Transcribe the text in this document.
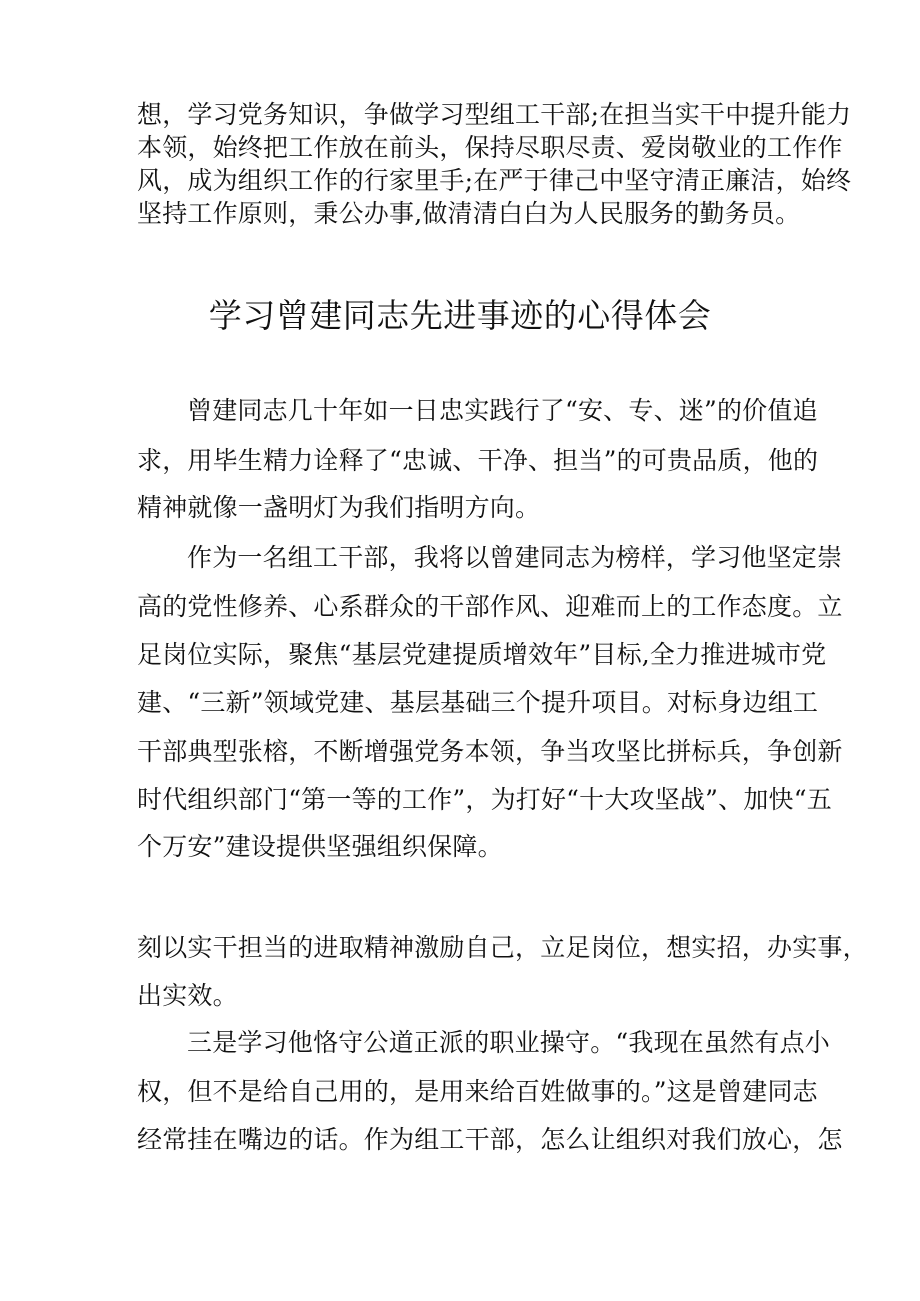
想，学习党务知识，争做学习型组工干部;在担当实干中提升能力
本领，始终把工作放在前头，保持尽职尽责、爱岗敬业的工作作
风，成为组织工作的行家里手;在严于律己中坚守清正廉洁，始终
坚持工作原则，秉公办事,做清清白白为人民服务的勤务员。
学习曾建同志先进事迹的心得体会
曾建同志几十年如一日忠实践行了“安、专、迷”的价值追
求，用毕生精力诠释了“忠诚、干净、担当”的可贵品质，他的
精神就像一盏明灯为我们指明方向。
作为一名组工干部，我将以曾建同志为榜样，学习他坚定崇
高的党性修养、心系群众的干部作风、迎难而上的工作态度。立
足岗位实际，聚焦“基层党建提质增效年”目标,全力推进城市党
建、“三新”领域党建、基层基础三个提升项目。对标身边组工
干部典型张榕，不断增强党务本领，争当攻坚比拼标兵，争创新
时代组织部门“第一等的工作”，为打好“十大攻坚战”、加快“五
个万安”建设提供坚强组织保障。
刻以实干担当的进取精神激励自己，立足岗位，想实招，办实事，
出实效。
三是学习他恪守公道正派的职业操守。“我现在虽然有点小
权，但不是给自己用的，是用来给百姓做事的。”这是曾建同志
经常挂在嘴边的话。作为组工干部，怎么让组织对我们放心，怎
